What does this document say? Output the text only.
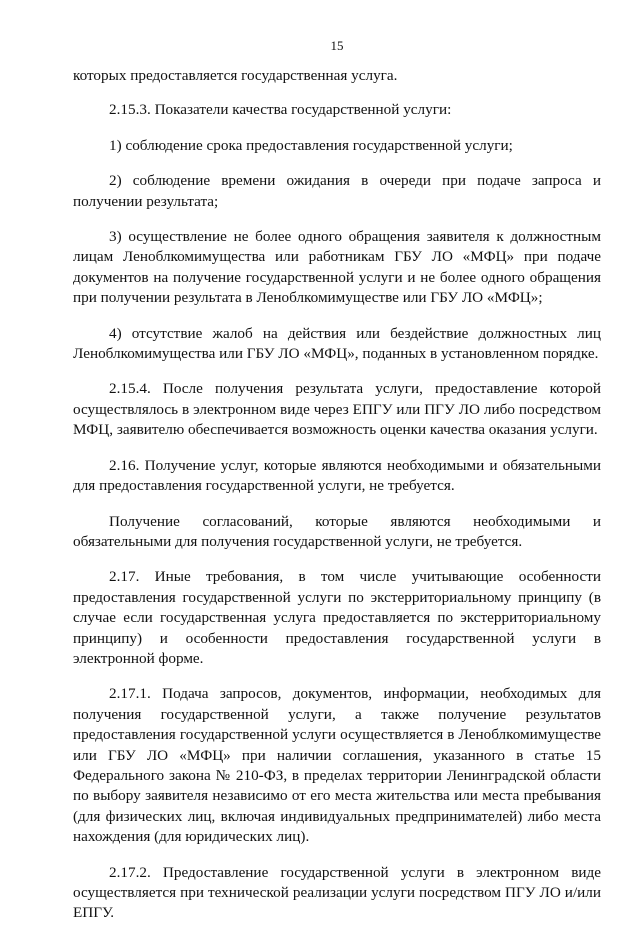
15

которых предоставляется государственная услуга.

2.15.3. Показатели качества государственной услуги:

1) соблюдение срока предоставления государственной услуги;

2) соблюдение времени ожидания в очереди при подаче запроса и получении результата;

3) осуществление не более одного обращения заявителя к должностным лицам Леноблкомимущества или работникам ГБУ ЛО «МФЦ» при подаче документов на получение государственной услуги и не более одного обращения при получении результата в Леноблкомимуществе или ГБУ ЛО «МФЦ»;

4) отсутствие жалоб на действия или бездействие должностных лиц Леноблкомимущества или ГБУ ЛО «МФЦ», поданных в установленном порядке.

2.15.4. После получения результата услуги, предоставление которой осуществлялось в электронном виде через ЕПГУ или ПГУ ЛО либо посредством МФЦ, заявителю обеспечивается возможность оценки качества оказания услуги.

2.16. Получение услуг, которые являются необходимыми и обязательными для предоставления государственной услуги, не требуется.

Получение согласований, которые являются необходимыми и обязательными для получения государственной услуги, не требуется.

2.17. Иные требования, в том числе учитывающие особенности предоставления государственной услуги по экстерриториальному принципу (в случае если государственная услуга предоставляется по экстерриториальному принципу) и особенности предоставления государственной услуги в электронной форме.

2.17.1. Подача запросов, документов, информации, необходимых для получения государственной услуги, а также получение результатов предоставления государственной услуги осуществляется в Леноблкомимуществе или ГБУ ЛО «МФЦ» при наличии соглашения, указанного в статье 15 Федерального закона № 210-ФЗ, в пределах территории Ленинградской области по выбору заявителя независимо от его места жительства или места пребывания (для физических лиц, включая индивидуальных предпринимателей) либо места нахождения (для юридических лиц).

2.17.2. Предоставление государственной услуги в электронном виде осуществляется при технической реализации услуги посредством ПГУ ЛО и/или ЕПГУ.
